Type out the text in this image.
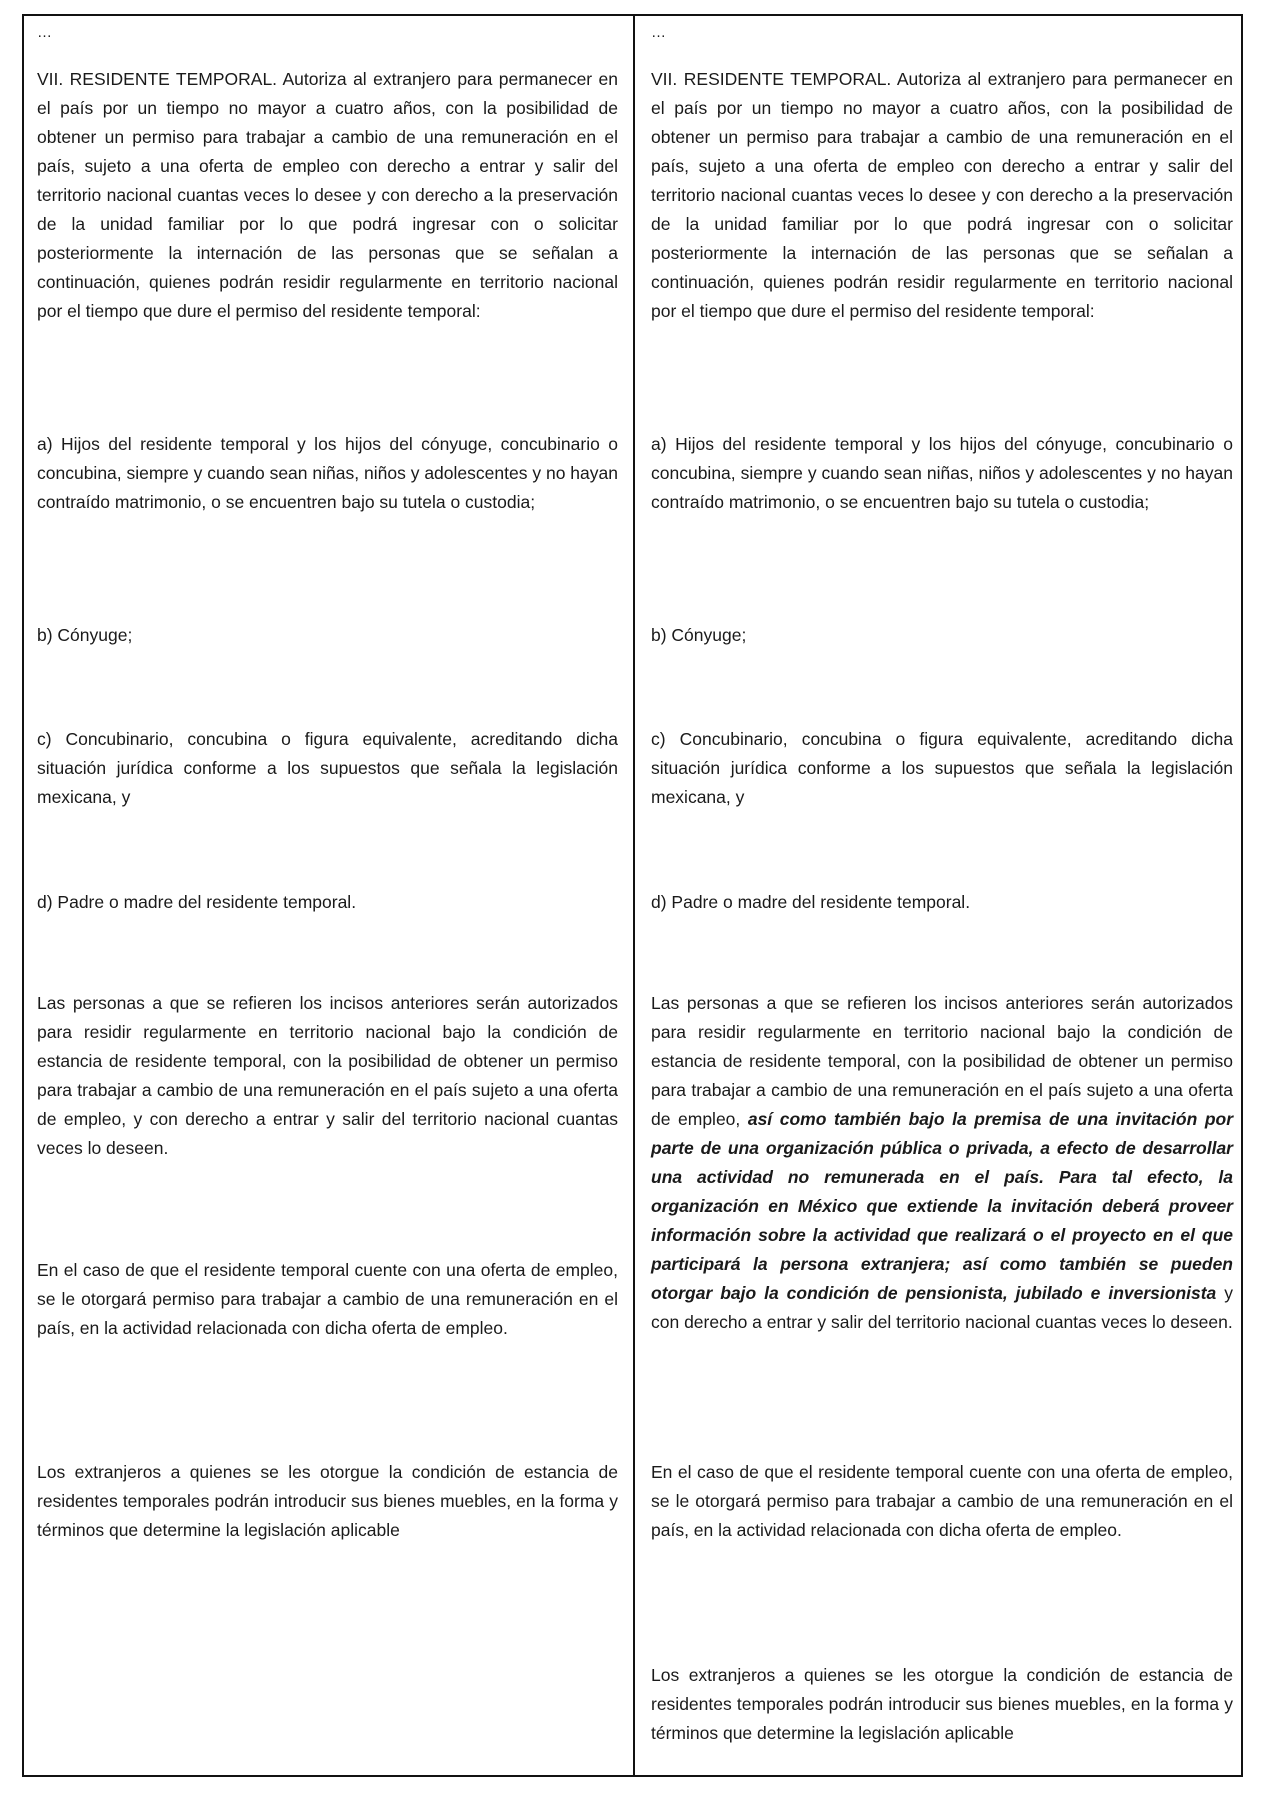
…

VII. RESIDENTE TEMPORAL. Autoriza al extranjero para permanecer en el país por un tiempo no mayor a cuatro años, con la posibilidad de obtener un permiso para trabajar a cambio de una remuneración en el país, sujeto a una oferta de empleo con derecho a entrar y salir del territorio nacional cuantas veces lo desee y con derecho a la preservación de la unidad familiar por lo que podrá ingresar con o solicitar posteriormente la internación de las personas que se señalan a continuación, quienes podrán residir regularmente en territorio nacional por el tiempo que dure el permiso del residente temporal:

a) Hijos del residente temporal y los hijos del cónyuge, concubinario o concubina, siempre y cuando sean niñas, niños y adolescentes y no hayan contraído matrimonio, o se encuentren bajo su tutela o custodia;

b) Cónyuge;

c) Concubinario, concubina o figura equivalente, acreditando dicha situación jurídica conforme a los supuestos que señala la legislación mexicana, y

d) Padre o madre del residente temporal.

Las personas a que se refieren los incisos anteriores serán autorizados para residir regularmente en territorio nacional bajo la condición de estancia de residente temporal, con la posibilidad de obtener un permiso para trabajar a cambio de una remuneración en el país sujeto a una oferta de empleo, y con derecho a entrar y salir del territorio nacional cuantas veces lo deseen.

En el caso de que el residente temporal cuente con una oferta de empleo, se le otorgará permiso para trabajar a cambio de una remuneración en el país, en la actividad relacionada con dicha oferta de empleo.

Los extranjeros a quienes se les otorgue la condición de estancia de residentes temporales podrán introducir sus bienes muebles, en la forma y términos que determine la legislación aplicable

…

VII. RESIDENTE TEMPORAL. Autoriza al extranjero para permanecer en el país por un tiempo no mayor a cuatro años, con la posibilidad de obtener un permiso para trabajar a cambio de una remuneración en el país, sujeto a una oferta de empleo con derecho a entrar y salir del territorio nacional cuantas veces lo desee y con derecho a la preservación de la unidad familiar por lo que podrá ingresar con o solicitar posteriormente la internación de las personas que se señalan a continuación, quienes podrán residir regularmente en territorio nacional por el tiempo que dure el permiso del residente temporal:

a) Hijos del residente temporal y los hijos del cónyuge, concubinario o concubina, siempre y cuando sean niñas, niños y adolescentes y no hayan contraído matrimonio, o se encuentren bajo su tutela o custodia;

b) Cónyuge;

c) Concubinario, concubina o figura equivalente, acreditando dicha situación jurídica conforme a los supuestos que señala la legislación mexicana, y

d) Padre o madre del residente temporal.

Las personas a que se refieren los incisos anteriores serán autorizados para residir regularmente en territorio nacional bajo la condición de estancia de residente temporal, con la posibilidad de obtener un permiso para trabajar a cambio de una remuneración en el país sujeto a una oferta de empleo, así como también bajo la premisa de una invitación por parte de una organización pública o privada, a efecto de desarrollar una actividad no remunerada en el país. Para tal efecto, la organización en México que extiende la invitación deberá proveer información sobre la actividad que realizará o el proyecto en el que participará la persona extranjera; así como también se pueden otorgar bajo la condición de pensionista, jubilado e inversionista y con derecho a entrar y salir del territorio nacional cuantas veces lo deseen.

En el caso de que el residente temporal cuente con una oferta de empleo, se le otorgará permiso para trabajar a cambio de una remuneración en el país, en la actividad relacionada con dicha oferta de empleo.

Los extranjeros a quienes se les otorgue la condición de estancia de residentes temporales podrán introducir sus bienes muebles, en la forma y términos que determine la legislación aplicable
